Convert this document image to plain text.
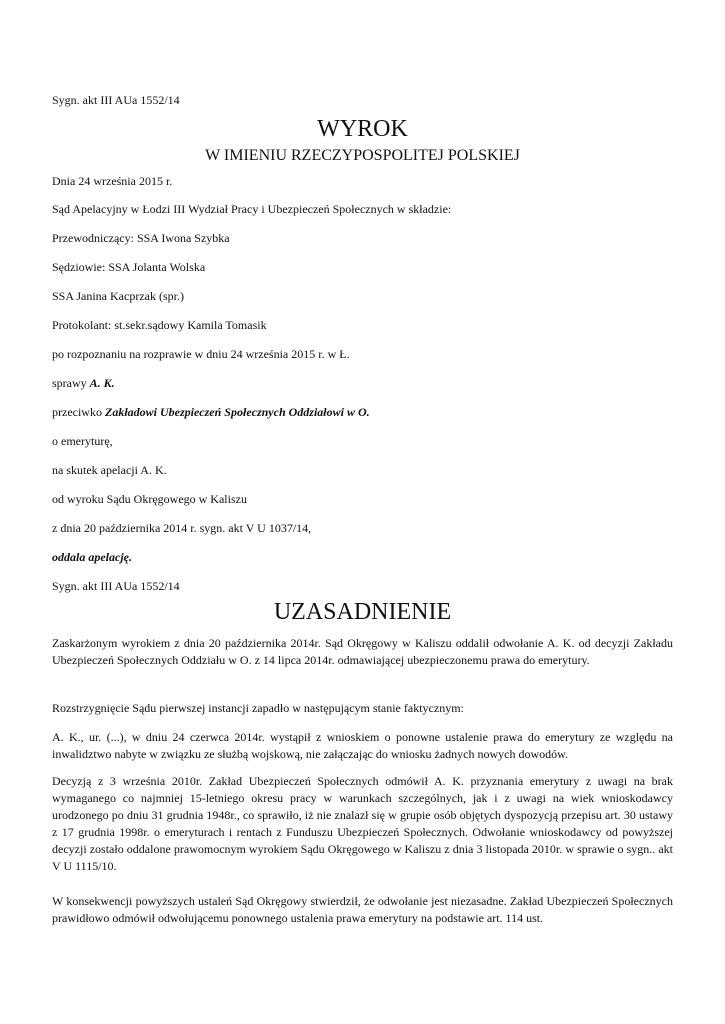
Sygn. akt III AUa 1552/14
WYROK
W IMIENIU RZECZYPOSPOLITEJ POLSKIEJ
Dnia 24 września 2015 r.
Sąd Apelacyjny w Łodzi III Wydział Pracy i Ubezpieczeń Społecznych w składzie:
Przewodniczący: SSA Iwona Szybka
Sędziowie: SSA Jolanta Wolska
SSA Janina Kacprzak (spr.)
Protokolant: st.sekr.sądowy Kamila Tomasik
po rozpoznaniu na rozprawie w dniu 24 września 2015 r. w Ł.
sprawy A. K.
przeciwko Zakładowi Ubezpieczeń Społecznych Oddziałowi w O.
o emeryturę,
na skutek apelacji A. K.
od wyroku Sądu Okręgowego w Kaliszu
z dnia 20 października 2014 r. sygn. akt V U 1037/14,
oddala apelację.
Sygn. akt III AUa 1552/14
UZASADNIENIE
Zaskarżonym wyrokiem z dnia 20 października 2014r. Sąd Okręgowy w Kaliszu oddalił odwołanie A. K. od decyzji Zakładu Ubezpieczeń Społecznych Oddziału w O. z 14 lipca 2014r. odmawiającej ubezpieczonemu prawa do emerytury.
Rozstrzygnięcie Sądu pierwszej instancji zapadło w następującym stanie faktycznym:
A. K., ur. (...), w dniu 24 czerwca 2014r. wystąpił z wnioskiem o ponowne ustalenie prawa do emerytury ze względu na inwalidztwo nabyte w związku ze służbą wojskową, nie załączając do wniosku żadnych nowych dowodów.
Decyzją z 3 września 2010r. Zakład Ubezpieczeń Społecznych odmówił A. K. przyznania emerytury z uwagi na brak wymaganego co najmniej 15-letniego okresu pracy w warunkach szczególnych, jak i z uwagi na wiek wnioskodawcy urodzonego po dniu 31 grudnia 1948r., co sprawiło, iż nie znalazł się w grupie osób objętych dyspozycją przepisu art. 30 ustawy z 17 grudnia 1998r. o emeryturach i rentach z Funduszu Ubezpieczeń Społecznych. Odwołanie wnioskodawcy od powyższej decyzji zostało oddalone prawomocnym wyrokiem Sądu Okręgowego w Kaliszu z dnia 3 listopada 2010r. w sprawie o sygn.. akt V U 1115/10.
W konsekwencji powyższych ustaleń Sąd Okręgowy stwierdził, że odwołanie jest niezasadne. Zakład Ubezpieczeń Społecznych prawidłowo odmówił odwołującemu ponownego ustalenia prawa emerytury na podstawie art. 114 ust.
